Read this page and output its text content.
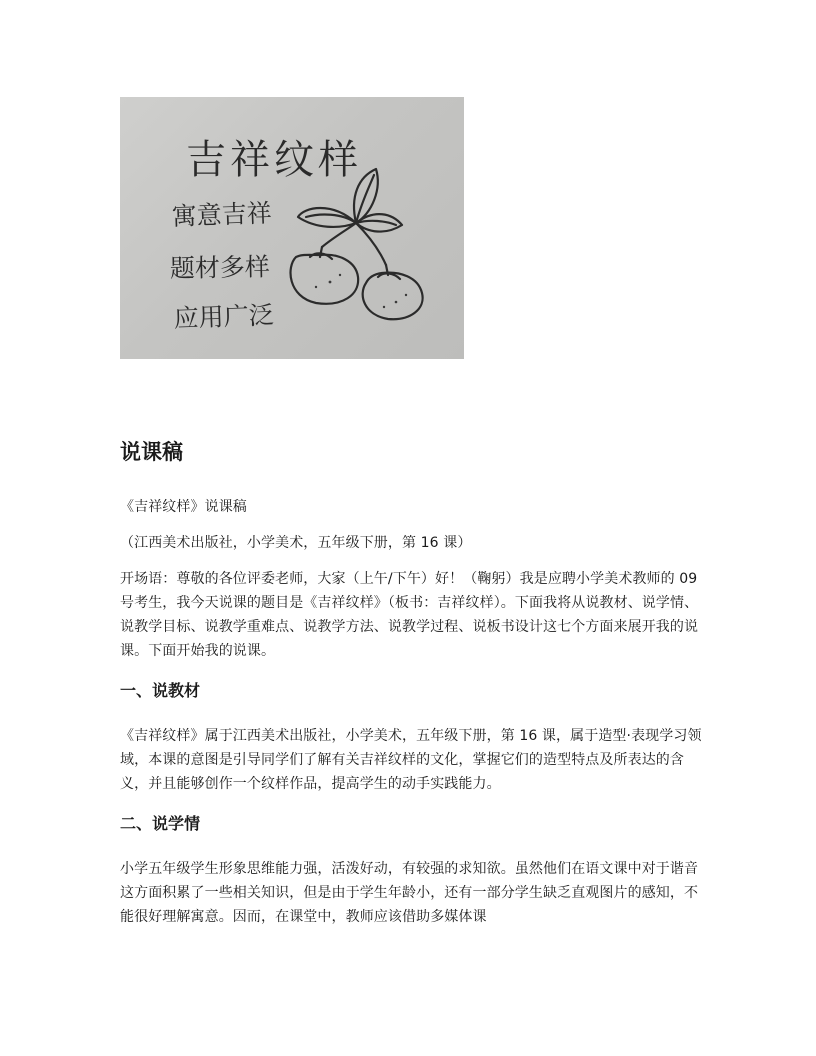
吉祥纹样
寓意吉祥
题材多样
应用广泛
说课稿

《吉祥纹样》说课稿

（江西美术出版社，小学美术，五年级下册，第 16 课）

开场语：尊敬的各位评委老师，大家（上午/下午）好！（鞠躬）我是应聘小学美术教师的 09 号考生，我今天说课的题目是《吉祥纹样》（板书：吉祥纹样）。下面我将从说教材、说学情、说教学目标、说教学重难点、说教学方法、说教学过程、说板书设计这七个方面来展开我的说课。下面开始我的说课。

一、说教材

《吉祥纹样》属于江西美术出版社，小学美术，五年级下册，第 16 课，属于造型·表现学习领域，本课的意图是引导同学们了解有关吉祥纹样的文化，掌握它们的造型特点及所表达的含义，并且能够创作一个纹样作品，提高学生的动手实践能力。

二、说学情

小学五年级学生形象思维能力强，活泼好动，有较强的求知欲。虽然他们在语文课中对于谐音这方面积累了一些相关知识，但是由于学生年龄小，还有一部分学生缺乏直观图片的感知，不能很好理解寓意。因而，在课堂中，教师应该借助多媒体课
